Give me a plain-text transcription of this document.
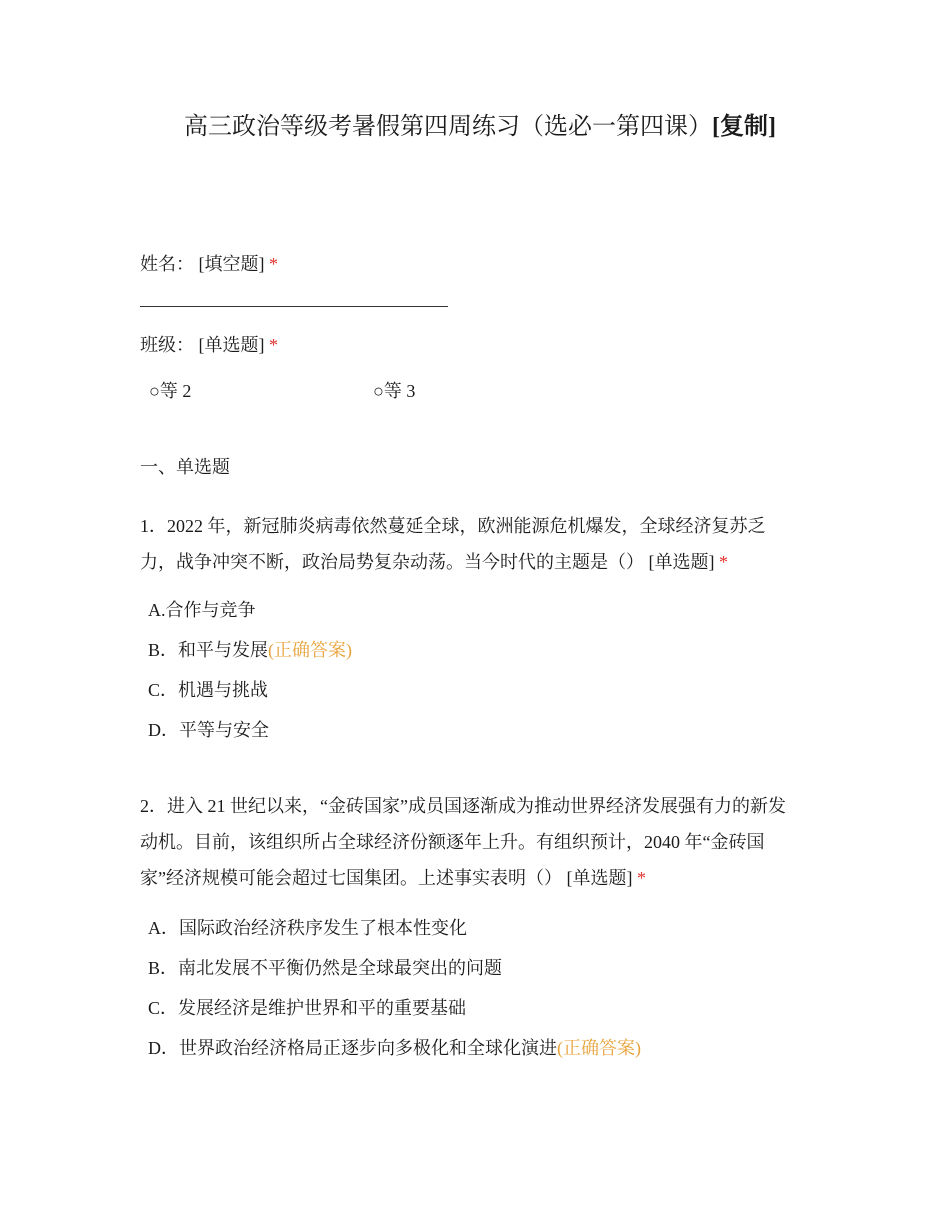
高三政治等级考暑假第四周练习（选必一第四课）[复制]
姓名： [填空题] *
班级： [单选题] *
○等 2	○等 3
一、单选题
1．2022 年，新冠肺炎病毒依然蔓延全球，欧洲能源危机爆发，全球经济复苏乏
力，战争冲突不断，政治局势复杂动荡。当今时代的主题是（） [单选题] *
A.合作与竞争
B．和平与发展(正确答案)
C．机遇与挑战
D．平等与安全
2．进入 21 世纪以来，“金砖国家”成员国逐渐成为推动世界经济发展强有力的新发
动机。目前，该组织所占全球经济份额逐年上升。有组织预计，2040 年“金砖国
家”经济规模可能会超过七国集团。上述事实表明（） [单选题] *
A．国际政治经济秩序发生了根本性变化
B．南北发展不平衡仍然是全球最突出的问题
C．发展经济是维护世界和平的重要基础
D．世界政治经济格局正逐步向多极化和全球化演进(正确答案)
